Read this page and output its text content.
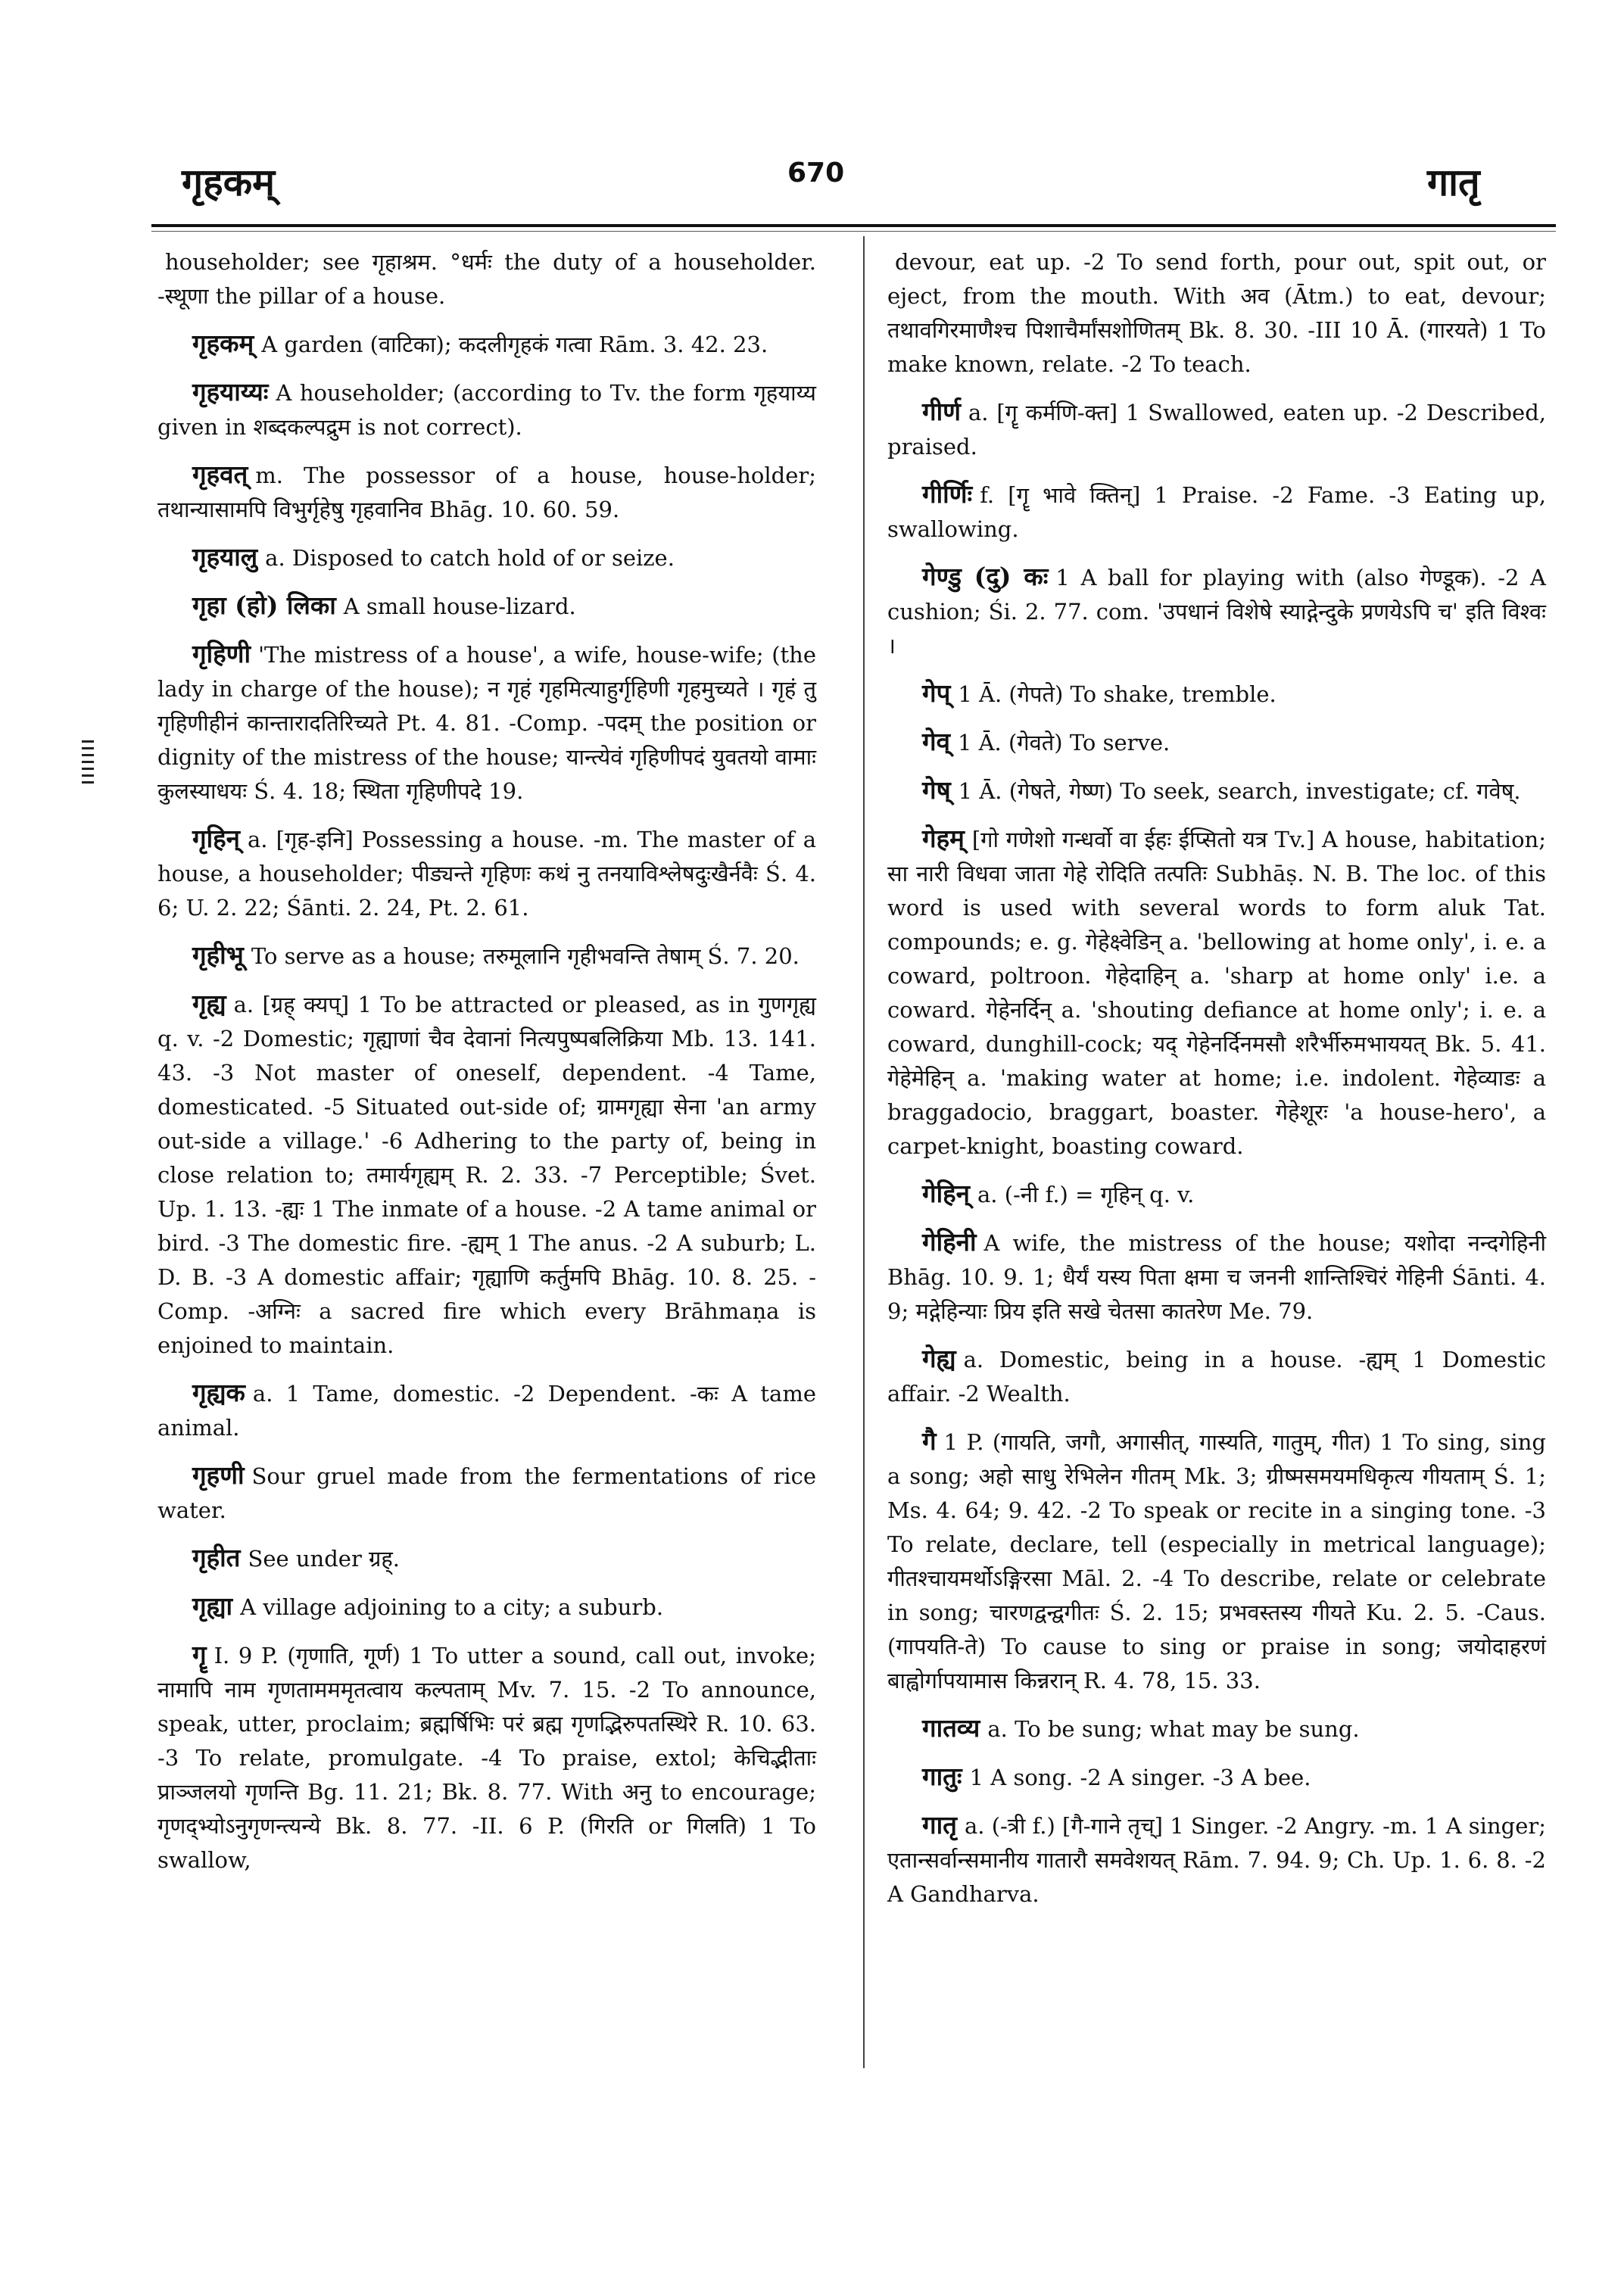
गृहकम्	670	गातृ
householder; see गृहाश्रम. °धर्मः the duty of a householder. -स्थूणा the pillar of a house.
गृहकम् A garden (वाटिका); कदलीगृहकं गत्वा Rām. 3. 42. 23.
गृहयाय्यः A householder; (according to Tv. the form गृहयाय्य given in शब्दकल्पद्रुम is not correct).
गृहवत् m. The possessor of a house, house-holder; तथान्यासामपि विभुर्गृहेषु गृहवानिव Bhāg. 10. 60. 59.
गृहयालु a. Disposed to catch hold of or seize.
गृहा (हो) लिका A small house-lizard.
गृहिणी 'The mistress of a house', a wife, house-wife; (the lady in charge of the house); न गृहं गृहमित्याहुर्गृहिणी गृहमुच्यते । गृहं तु गृहिणीहीनं कान्तारादतिरिच्यते Pt. 4. 81. -Comp. -पदम् the position or dignity of the mistress of the house; यान्त्येवं गृहिणीपदं युवतयो वामाः कुलस्याधयः Ś. 4. 18; स्थिता गृहिणीपदे 19.
गृहिन् a. [गृह-इनि] Possessing a house. -m. The master of a house, a householder; पीड्यन्ते गृहिणः कथं नु तनयाविश्लेषदुःखैर्नवैः Ś. 4. 6; U. 2. 22; Śānti. 2. 24, Pt. 2. 61.
गृहीभू To serve as a house; तरुमूलानि गृहीभवन्ति तेषाम् Ś. 7. 20.
गृह्य a. [ग्रह् क्यप्] 1 To be attracted or pleased, as in गुणगृह्य q. v. -2 Domestic; गृह्याणां चैव देवानां नित्यपुष्पबलिक्रिया Mb. 13. 141. 43. -3 Not master of oneself, dependent. -4 Tame, domesticated. -5 Situated out-side of; ग्रामगृह्या सेना 'an army out-side a village.' -6 Adhering to the party of, being in close relation to; तमार्यगृह्यम् R. 2. 33. -7 Perceptible; Śvet. Up. 1. 13. -ह्यः 1 The inmate of a house. -2 A tame animal or bird. -3 The domestic fire. -ह्यम् 1 The anus. -2 A suburb; L. D. B. -3 A domestic affair; गृह्याणि कर्तुमपि Bhāg. 10. 8. 25. -Comp. -अग्निः a sacred fire which every Brāhmaṇa is enjoined to maintain.
गृह्यक a. 1 Tame, domestic. -2 Dependent. -कः A tame animal.
गृहणी Sour gruel made from the fermentations of rice water.
गृहीत See under ग्रह्.
गृह्या A village adjoining to a city; a suburb.
गॄ I. 9 P. (गृणाति, गूर्ण) 1 To utter a sound, call out, invoke; नामापि नाम गृणतामममृतत्वाय कल्पताम् Mv. 7. 15. -2 To announce, speak, utter, proclaim; ब्रह्मर्षिभिः परं ब्रह्म गृणद्भिरुपतस्थिरे R. 10. 63. -3 To relate, promulgate. -4 To praise, extol; केचिद्भीताः प्राञ्जलयो गृणन्ति Bg. 11. 21; Bk. 8. 77. With अनु to encourage; गृणद्भ्योऽनुगृणन्त्यन्ये Bk. 8. 77. -II. 6 P. (गिरति or गिलति) 1 To swallow,
devour, eat up. -2 To send forth, pour out, spit out, or eject, from the mouth. With अव (Ātm.) to eat, devour; तथावगिरमाणैश्च पिशाचैर्मांसशोणितम् Bk. 8. 30. -III 10 Ā. (गारयते) 1 To make known, relate. -2 To teach.
गीर्ण a. [गॄ कर्मणि-क्त] 1 Swallowed, eaten up. -2 Described, praised.
गीर्णिः f. [गॄ भावे क्तिन्] 1 Praise. -2 Fame. -3 Eating up, swallowing.
गेण्डु (दु) कः 1 A ball for playing with (also गेण्डूक). -2 A cushion; Śi. 2. 77. com. 'उपधानं विशेषे स्याद्गेन्दुके प्रणयेऽपि च' इति विश्वः ।
गेप् 1 Ā. (गेपते) To shake, tremble.
गेव् 1 Ā. (गेवते) To serve.
गेष् 1 Ā. (गेषते, गेष्ण) To seek, search, investigate; cf. गवेष्.
गेहम् [गो गणेशो गन्धर्वो वा ईहः ईप्सितो यत्र Tv.] A house, habitation; सा नारी विधवा जाता गेहे रोदिति तत्पतिः Subhāṣ. N. B. The loc. of this word is used with several words to form aluk Tat. compounds; e. g. गेहेक्ष्वेडिन् a. 'bellowing at home only', i. e. a coward, poltroon. गेहेदाहिन् a. 'sharp at home only' i.e. a coward. गेहेनर्दिन् a. 'shouting defiance at home only'; i. e. a coward, dunghill-cock; यद् गेहेनर्दिनमसौ शरैर्भीरुमभाययत् Bk. 5. 41. गेहेमेहिन् a. 'making water at home; i.e. indolent. गेहेव्याडः a braggadocio, braggart, boaster. गेहेशूरः 'a house-hero', a carpet-knight, boasting coward.
गेहिन् a. (-नी f.) = गृहिन् q. v.
गेहिनी A wife, the mistress of the house; यशोदा नन्दगेहिनी Bhāg. 10. 9. 1; धैर्यं यस्य पिता क्षमा च जननी शान्तिश्चिरं गेहिनी Śānti. 4. 9; मद्गेहिन्याः प्रिय इति सखे चेतसा कातरेण Me. 79.
गेह्य a. Domestic, being in a house. -ह्यम् 1 Domestic affair. -2 Wealth.
गै 1 P. (गायति, जगौ, अगासीत्, गास्यति, गातुम्, गीत) 1 To sing, sing a song; अहो साधु रेभिलेन गीतम् Mk. 3; ग्रीष्मसमयमधिकृत्य गीयताम् Ś. 1; Ms. 4. 64; 9. 42. -2 To speak or recite in a singing tone. -3 To relate, declare, tell (especially in metrical language); गीतश्चायमर्थोऽङ्गिरसा Māl. 2. -4 To describe, relate or celebrate in song; चारणद्वन्द्वगीतः Ś. 2. 15; प्रभवस्तस्य गीयते Ku. 2. 5. -Caus. (गापयति-ते) To cause to sing or praise in song; जयोदाहरणं बाह्वोर्गापयामास किन्नरान् R. 4. 78, 15. 33.
गातव्य a. To be sung; what may be sung.
गातुः 1 A song. -2 A singer. -3 A bee.
गातृ a. (-त्री f.) [गै-गाने तृच्] 1 Singer. -2 Angry. -m. 1 A singer; एतान्सर्वान्समानीय गातारौ समवेशयत् Rām. 7. 94. 9; Ch. Up. 1. 6. 8. -2 A Gandharva.
